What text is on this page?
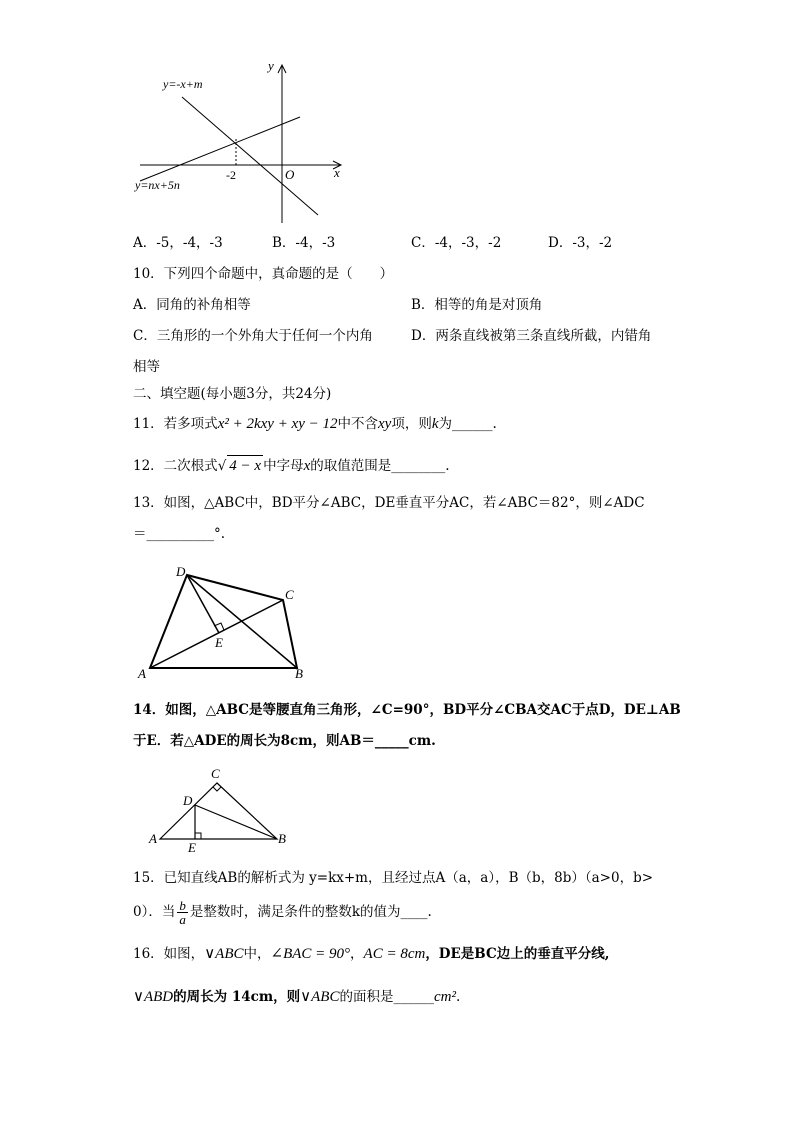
y
x
O
-2
y=-x+m
y=nx+5n
A．-5，-4，-3	B．-4，-3	C．-4，-3，-2	D．-3，-2
10．下列四个命题中，真命题的是（　　）
A．同角的补角相等	B．相等的角是对顶角
C．三角形的一个外角大于任何一个内角	D．两条直线被第三条直线所截，内错角
相等
二、填空题(每小题3分，共24分)
11．若多项式x² + 2kxy + xy − 12中不含xy项，则k为______.
12．二次根式√ 4 − x 中字母x的取值范围是________.
13．如图，△ABC中，BD平分∠ABC，DE垂直平分AC，若∠ABC＝82°，则∠ADC
＝__________°.
D
C
E
A	B
14．如图，△ABC是等腰直角三角形，∠C=90°，BD平分∠CBA交AC于点D，DE⊥AB
于E．若△ADE的周长为8cm，则AB＝_____cm.
C
D
A
E
B
15．已知直线AB的解析式为 y=kx+m，且经过点A（a，a），B（b，8b）（a>0，b>
0）．当 $\frac{b}{a}$ 是整数时，满足条件的整数k的值为____.
16．如图，∨ABC中，∠BAC = 90°，AC = 8cm，DE是BC边上的垂直平分线,
∨ABD的周长为 14cm，则∨ABC的面积是______cm².
